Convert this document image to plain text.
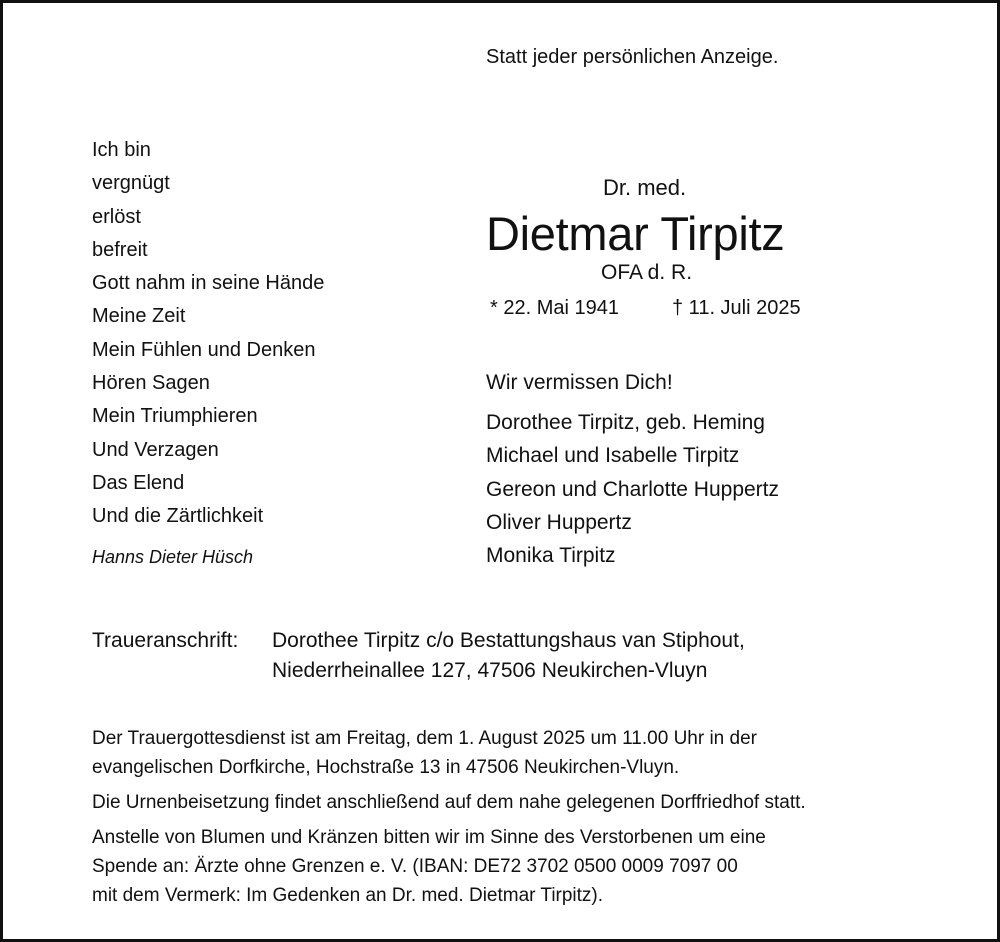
Statt jeder persönlichen Anzeige.
Ich bin
vergnügt
erlöst
befreit
Gott nahm in seine Hände
Meine Zeit
Mein Fühlen und Denken
Hören Sagen
Mein Triumphieren
Und Verzagen
Das Elend
Und die Zärtlichkeit
Hanns Dieter Hüsch
Dr. med.
Dietmar Tirpitz
OFA d. R.
* 22. Mai 1941	† 11. Juli 2025
Wir vermissen Dich!
Dorothee Tirpitz, geb. Heming
Michael und Isabelle Tirpitz
Gereon und Charlotte Huppertz
Oliver Huppertz
Monika Tirpitz
Traueranschrift: Dorothee Tirpitz c/o Bestattungshaus van Stiphout,
Niederrheinallee 127, 47506 Neukirchen-Vluyn
Der Trauergottesdienst ist am Freitag, dem 1. August 2025 um 11.00 Uhr in der
evangelischen Dorfkirche, Hochstraße 13 in 47506 Neukirchen-Vluyn.
Die Urnenbeisetzung findet anschließend auf dem nahe gelegenen Dorffriedhof statt.
Anstelle von Blumen und Kränzen bitten wir im Sinne des Verstorbenen um eine
Spende an: Ärzte ohne Grenzen e. V. (IBAN: DE72 3702 0500 0009 7097 00
mit dem Vermerk: Im Gedenken an Dr. med. Dietmar Tirpitz).
